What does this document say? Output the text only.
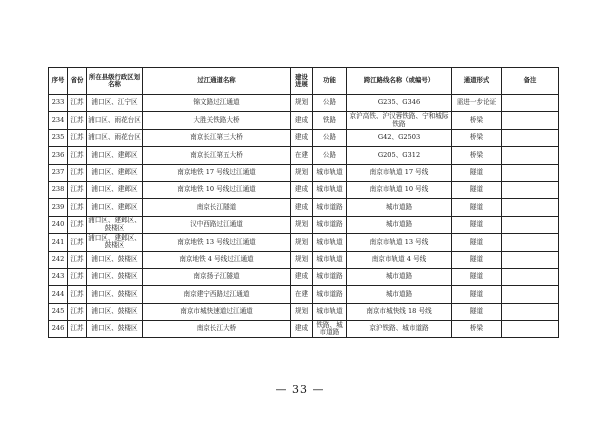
序号	省份	所在县级行政区划名称	过江通道名称	建设进展	功能	跨江路线名称（或编号）	通道形式	备注
233	江苏	浦口区、江宁区	锦文路过江通道	规划	公路	G235、G346	需进一步论证	
234	江苏	浦口区、雨花台区	大胜关铁路大桥	建成	铁路	京沪高铁、沪汉蓉铁路、宁和城际铁路	桥梁	
235	江苏	浦口区、雨花台区	南京长江第三大桥	建成	公路	G42、G2503	桥梁	
236	江苏	浦口区、建邺区	南京长江第五大桥	在建	公路	G205、G312	桥梁	
237	江苏	浦口区、建邺区	南京地铁 17 号线过江通道	规划	城市轨道	南京市轨道 17 号线	隧道	
238	江苏	浦口区、建邺区	南京地铁 10 号线过江通道	建成	城市轨道	南京市轨道 10 号线	隧道	
239	江苏	浦口区、建邺区	南京长江隧道	建成	城市道路	城市道路	隧道	
240	江苏	浦口区、建邺区、鼓楼区	汉中西路过江通道	规划	城市道路	城市道路	隧道	
241	江苏	浦口区、建邺区、鼓楼区	南京地铁 13 号线过江通道	规划	城市轨道	南京市轨道 13 号线	隧道	
242	江苏	浦口区、鼓楼区	南京地铁 4 号线过江通道	规划	城市轨道	南京市轨道 4 号线	隧道	
243	江苏	浦口区、鼓楼区	南京扬子江隧道	建成	城市道路	城市道路	隧道	
244	江苏	浦口区、鼓楼区	南京建宁西路过江通道	在建	城市道路	城市道路	隧道	
245	江苏	浦口区、鼓楼区	南京市城快速道过江通道	规划	城市轨道	南京市城快线 18 号线	隧道	
246	江苏	浦口区、鼓楼区	南京长江大桥	建成	铁路、城市道路	京沪铁路、城市道路	桥梁	
— 33 —
